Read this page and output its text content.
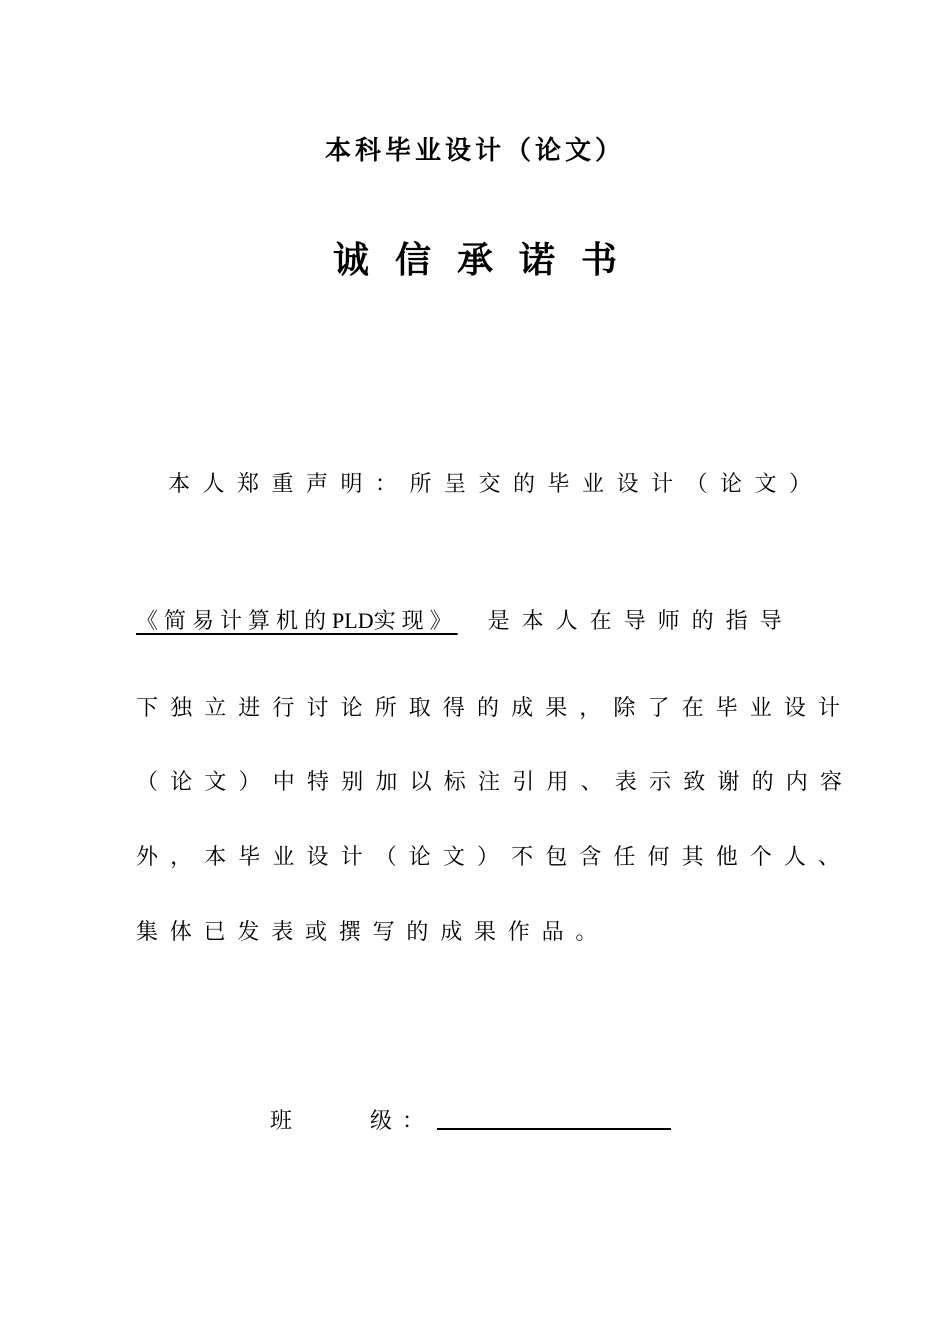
本科毕业设计（论文）
诚信承诺书
本人郑重声明：所呈交的毕业设计（论文）
《简易计算机的PLD实现》 是本人在导师的指导
下独立进行讨论所取得的成果，除了在毕业设计
（论文）中特别加以标注引用、表示致谢的内容
外，本毕业设计（论文）不包含任何其他个人、
集体已发表或撰写的成果作品。
班	级 ：
